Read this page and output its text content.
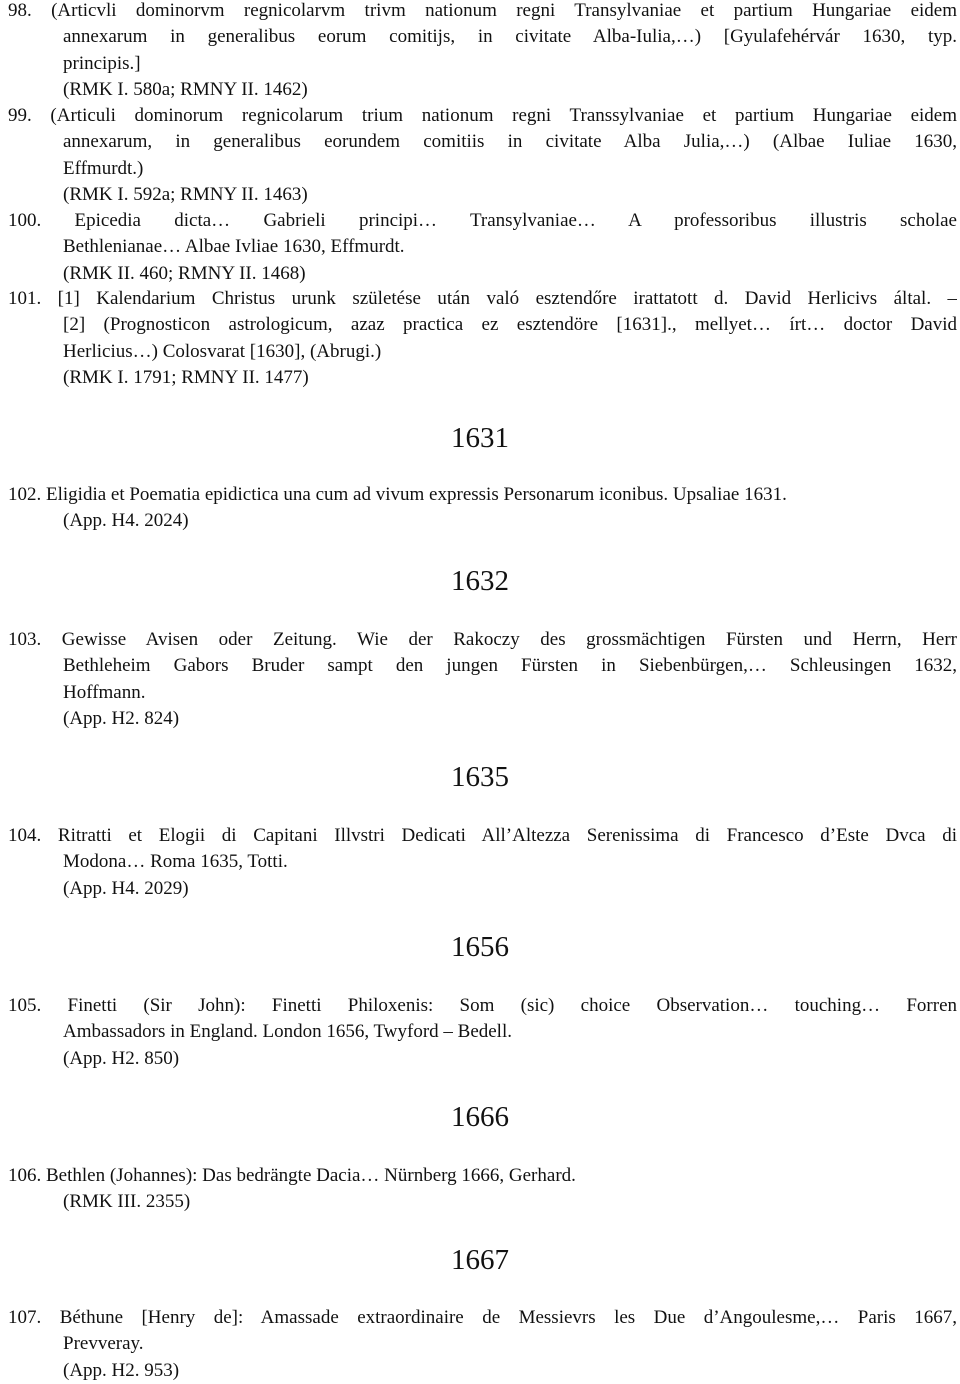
98. (Articvli dominorvm regnicolarvm trivm nationum regni Transylvaniae et partium Hungariae eidem
annexarum in generalibus eorum comitijs, in civitate Alba-Iulia,…) [Gyulafehérvár 1630, typ.
principis.]
(RMK I. 580a; RMNY II. 1462)
99. (Articuli dominorum regnicolarum trium nationum regni Transsylvaniae et partium Hungariae eidem
annexarum, in generalibus eorundem comitiis in civitate Alba Julia,…) (Albae Iuliae 1630,
Effmurdt.)
(RMK I. 592a; RMNY II. 1463)
100. Epicedia dicta… Gabrieli principi… Transylvaniae… A professoribus illustris scholae
Bethlenianae… Albae Ivliae 1630, Effmurdt.
(RMK II. 460; RMNY II. 1468)
101. [1] Kalendarium Christus urunk születése után való esztendőre irattatott d. David Herlicivs által. –
[2] (Prognosticon astrologicum, azaz practica ez esztendöre [1631]., mellyet… írt… doctor David
Herlicius…) Colosvarat [1630], (Abrugi.)
(RMK I. 1791; RMNY II. 1477)
1631
102. Eligidia et Poematia epidictica una cum ad vivum expressis Personarum iconibus. Upsaliae 1631.
(App. H4. 2024)
1632
103. Gewisse Avisen oder Zeitung. Wie der Rakoczy des grossmächtigen Fürsten und Herrn, Herr
Bethleheim Gabors Bruder sampt den jungen Fürsten in Siebenbürgen,… Schleusingen 1632,
Hoffmann.
(App. H2. 824)
1635
104. Ritratti et Elogii di Capitani Illvstri Dedicati All’Altezza Serenissima di Francesco d’Este Dvca di
Modona… Roma 1635, Totti.
(App. H4. 2029)
1656
105. Finetti (Sir John): Finetti Philoxenis: Som (sic) choice Observation… touching… Forren
Ambassadors in England. London 1656, Twyford – Bedell.
(App. H2. 850)
1666
106. Bethlen (Johannes): Das bedrängte Dacia… Nürnberg 1666, Gerhard.
(RMK III. 2355)
1667
107. Béthune [Henry de]: Amassade extraordinaire de Messievrs les Due d’Angoulesme,… Paris 1667,
Prevveray.
(App. H2. 953)
